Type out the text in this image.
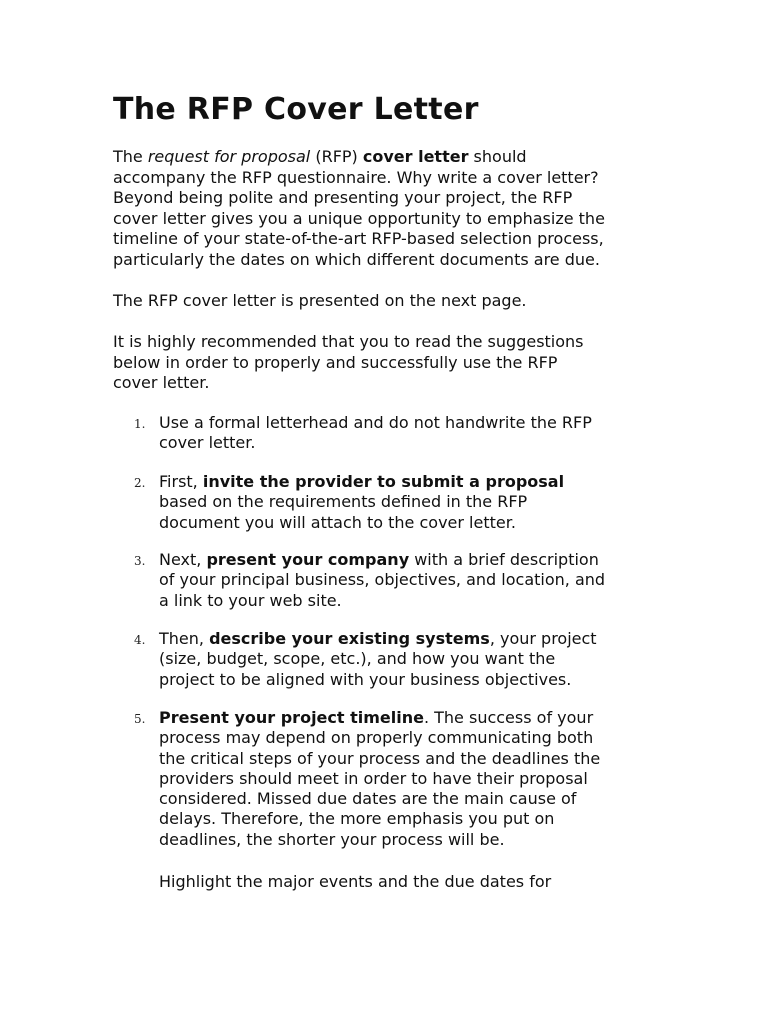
The RFP Cover Letter

The request for proposal (RFP) cover letter should
accompany the RFP questionnaire. Why write a cover letter?
Beyond being polite and presenting your project, the RFP
cover letter gives you a unique opportunity to emphasize the
timeline of your state-of-the-art RFP-based selection process,
particularly the dates on which different documents are due.

The RFP cover letter is presented on the next page.

It is highly recommended that you to read the suggestions
below in order to properly and successfully use the RFP
cover letter.

1. Use a formal letterhead and do not handwrite the RFP
cover letter.
2. First, invite the provider to submit a proposal
based on the requirements defined in the RFP
document you will attach to the cover letter.
3. Next, present your company with a brief description
of your principal business, objectives, and location, and
a link to your web site.
4. Then, describe your existing systems, your project
(size, budget, scope, etc.), and how you want the
project to be aligned with your business objectives.
5. Present your project timeline. The success of your
process may depend on properly communicating both
the critical steps of your process and the deadlines the
providers should meet in order to have their proposal
considered. Missed due dates are the main cause of
delays. Therefore, the more emphasis you put on
deadlines, the shorter your process will be.

Highlight the major events and the due dates for
